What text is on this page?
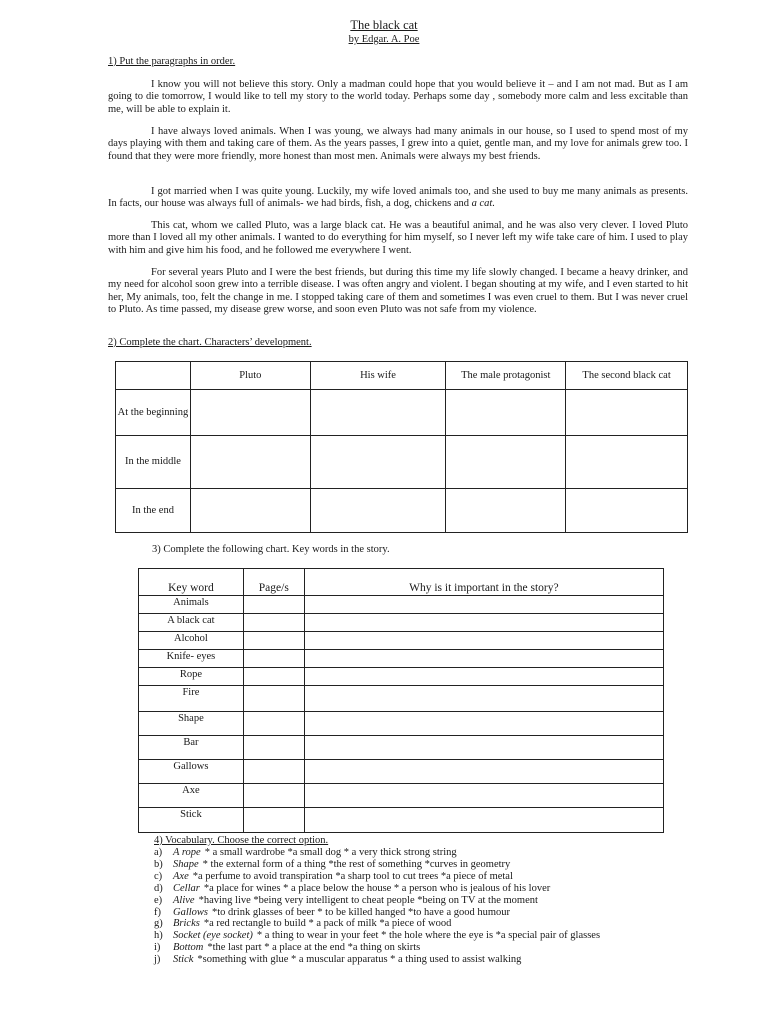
The black cat
by Edgar. A. Poe
1) Put the paragraphs in order.
I know you will not believe this story. Only a madman could hope that you would believe it – and I am not mad. But as I am going to die tomorrow, I would like to tell my story to the world today. Perhaps some day , somebody more calm and less excitable than me, will be able to explain it.
I have always loved animals. When I was young, we always had many animals in our house, so I used to spend most of my days playing with them and taking care of them. As the years passes, I grew into a quiet, gentle man, and my love for animals grew too. I found that they were more friendly, more honest than most men. Animals were always my best friends.
I got married when I was quite young. Luckily, my wife loved animals too, and she used to buy me many animals as presents. In facts, our house was always full of animals- we had birds, fish, a dog, chickens and a cat.
This cat, whom we called Pluto, was a large black cat. He was a beautiful animal, and he was also very clever. I loved Pluto more than I loved all my other animals. I wanted to do everything for him myself, so I never left my wife take care of him. I used to play with him and give him his food, and he followed me everywhere I went.
For several years Pluto and I were the best friends, but during this time my life slowly changed. I became a heavy drinker, and my need for alcohol soon grew into a terrible disease. I was often angry and violent. I began shouting at my wife, and I even started to hit her, My animals, too, felt the change in me. I stopped taking care of them and sometimes I was even cruel to them. But I was never cruel to Pluto. As time passed, my disease grew worse, and soon even Pluto was not safe from my violence.
2) Complete the chart. Characters’ development.
	Pluto	His wife	The male protagonist	The second black cat
At the beginning				
In the middle				
In the end				
3) Complete the following chart. Key words in the story.
Key word	Page/s	Why is it important in the story?
Animals		
A black cat		
Alcohol		
Knife- eyes		
Rope		
Fire		
Shape		
Bar		
Gallows		
Axe		
Stick		
4) Vocabulary. Choose the correct option.
a)	A rope * a small wardrobe *a small dog * a very thick strong string
b) Shape * the external form of a thing *the rest of something *curves in geometry
c)	Axe *a perfume to avoid transpiration *a sharp tool to cut trees *a piece of metal
d) Cellar *a place for wines * a place below the house * a person who is jealous of his lover
e)	Alive *having live *being very intelligent to cheat people *being on TV at the moment
f)	Gallows *to drink glasses of beer * to be killed hanged *to have a good humour
g) Bricks *a red rectangle to build * a pack of milk *a piece of wood
h) Socket (eye socket) * a thing to wear in your feet * the hole where the eye is *a special pair of glasses
i)	Bottom *the last part * a place at the end *a thing on skirts
j)	Stick *something with glue * a muscular apparatus * a thing used to assist walking
